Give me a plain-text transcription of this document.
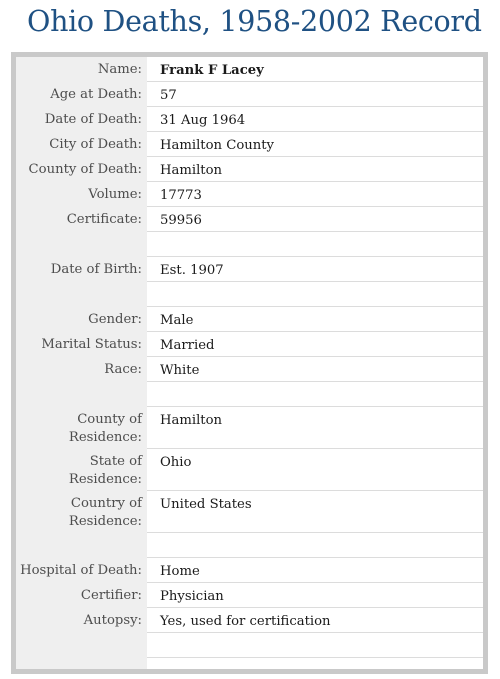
Ohio Deaths, 1958-2002 Record
Name:	Frank F Lacey
Age at Death:	57
Date of Death:	31 Aug 1964
City of Death:	Hamilton County
County of Death:	Hamilton
Volume:	17773
Certificate:	59956
Date of Birth:	Est. 1907
Gender:	Male
Marital Status:	Married
Race:	White
County of Residence:
Hamilton
State of Residence:
Ohio
Country of Residence:
United States
Hospital of Death:	Home
Certifier:	Physician
Autopsy:	Yes, used for certification
